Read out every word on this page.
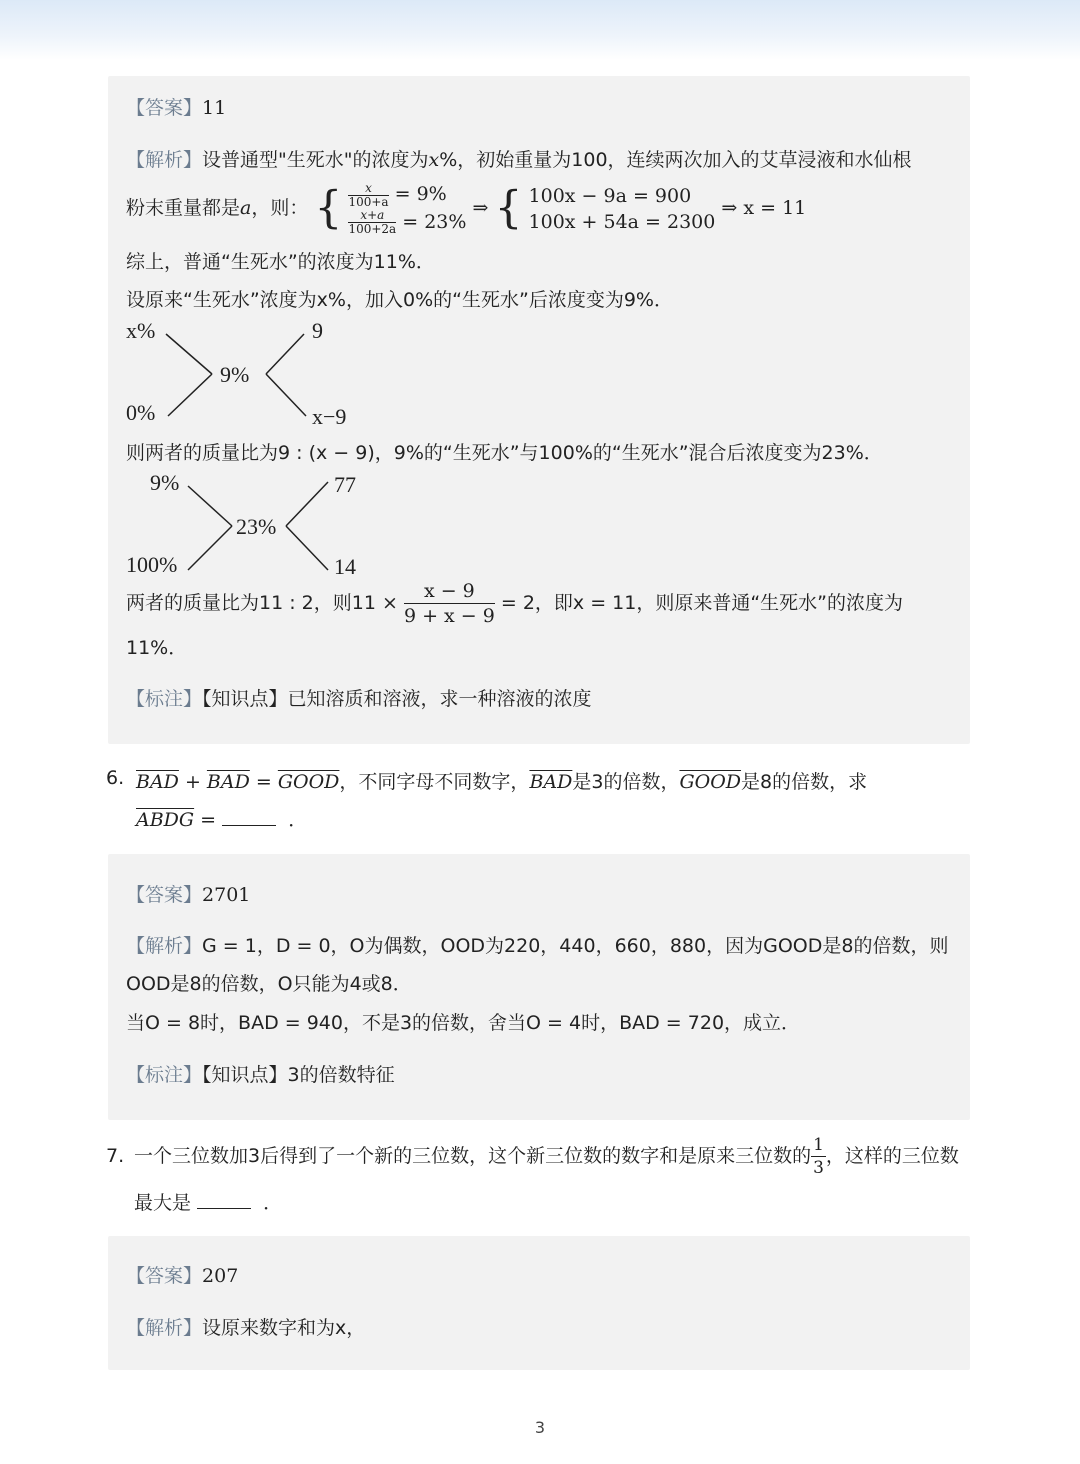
【答案】11
【解析】设普通型"生死水"的浓度为x%，初始重量为100，连续两次加入的艾草浸液和水仙根
粉末重量都是a，则： { $\frac{x}{100+a} = 9\%$
$\frac{x+a}{100+2a} = 23\%$
⇒ { 100x − 9a = 900
100x + 54a = 2300
⇒ x = 11
综上，普通“生死水”的浓度为11%．
设原来“生死水”浓度为x%，加入0%的“生死水”后浓度变为9%．
x%
0%
9%
9
x−9
则两者的质量比为9 : (x − 9)，9%的“生死水”与100%的“生死水”混合后浓度变为23%．
9%
100%
23%
77
14
两者的质量比为11 : 2，则$11 \times \frac{x - 9}{9 + x - 9} = 2$，即x = 11，则原来普通“生死水”的浓度为
11%．
【标注】【知识点】已知溶质和溶液，求一种溶液的浓度
6. $\overline{BAD} + \overline{BAD}$ = GOOD，不同字母不同数字，$\overline{BAD}$是3的倍数，GOOD是8的倍数，求
ABDG =	．
【答案】2701
【解析】G = 1，D = 0，O为偶数，OOD为220，440，660，880，因为GOOD是8的倍数，则
OOD是8的倍数，O只能为4或8．
当O = 8时，BAD = 940，不是3的倍数，舍当O = 4时，BAD = 720，成立．
【标注】【知识点】3的倍数特征
7. 一个三位数加3后得到了一个新的三位数，这个新三位数的数字和是原来三位数的 $\frac{1}{3}$ ，这样的三位数
最大是	．
【答案】207
【解析】设原来数字和为x，
3
